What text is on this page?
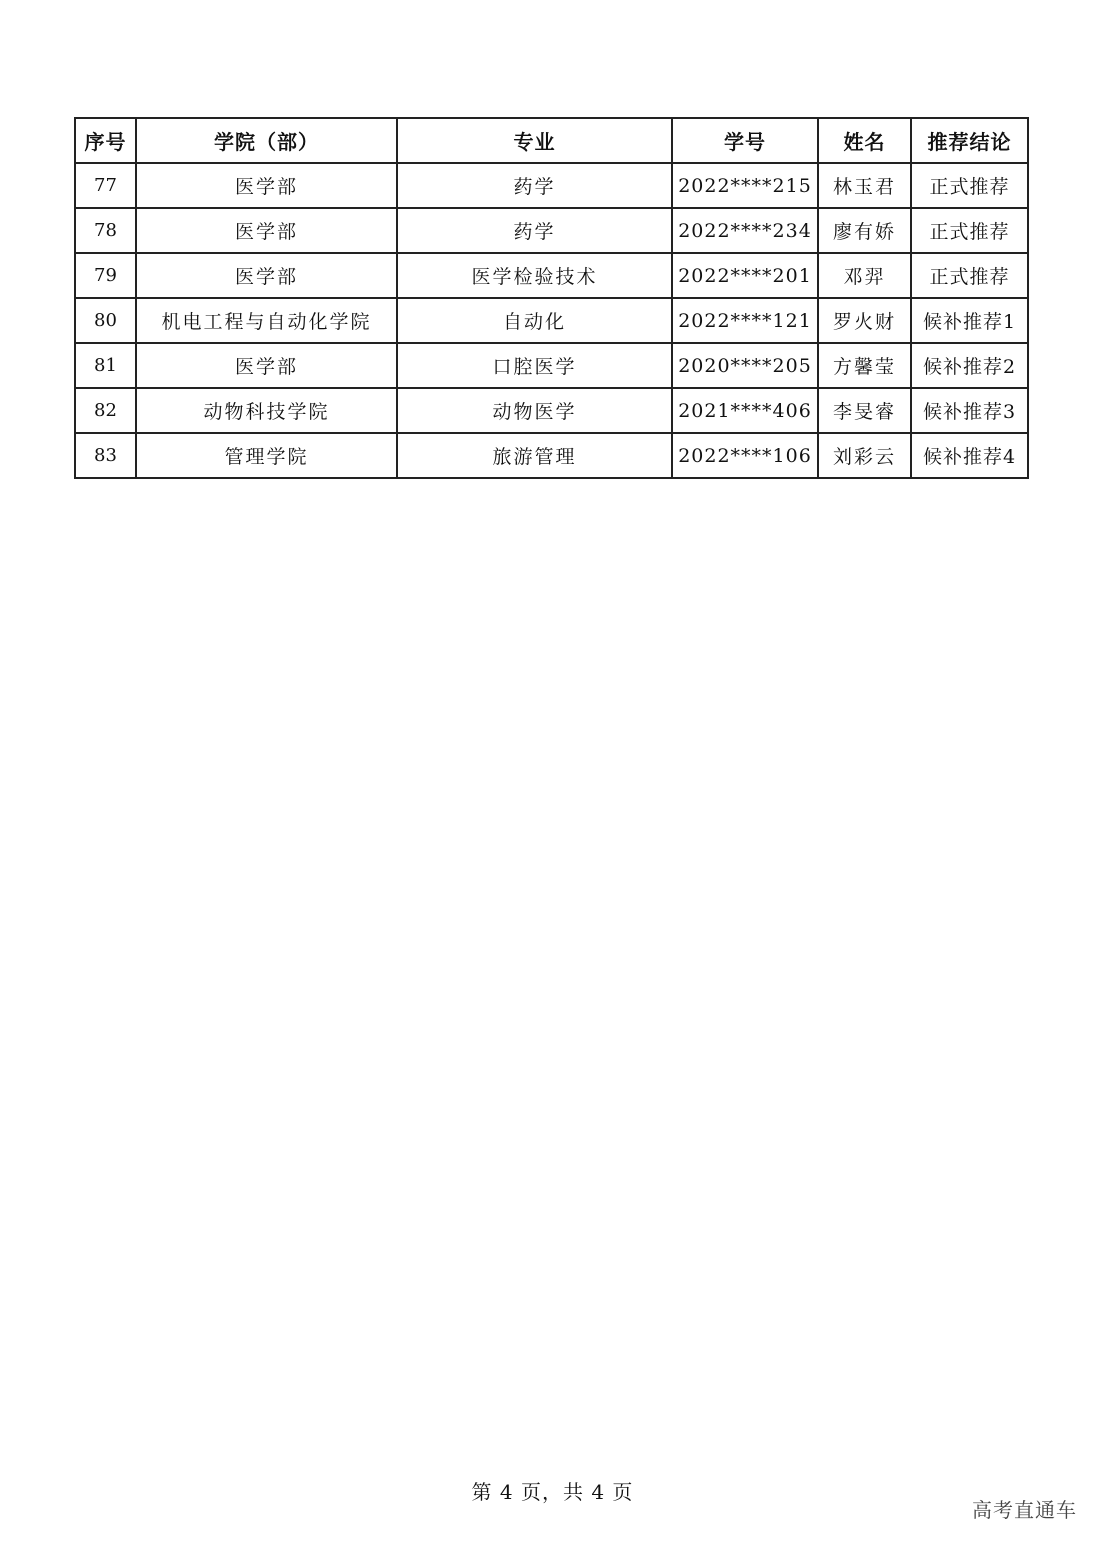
序号	学院（部）	专业	学号	姓名	推荐结论
77	医学部	药学	2022****215	林玉君	正式推荐
78	医学部	药学	2022****234	廖有娇	正式推荐
79	医学部	医学检验技术	2022****201	邓羿	正式推荐
80	机电工程与自动化学院	自动化	2022****121	罗火财	候补推荐1
81	医学部	口腔医学	2020****205	方馨莹	候补推荐2
82	动物科技学院	动物医学	2021****406	李旻睿	候补推荐3
83	管理学院	旅游管理	2022****106	刘彩云	候补推荐4
第 4 页，共 4 页
高考直通车
